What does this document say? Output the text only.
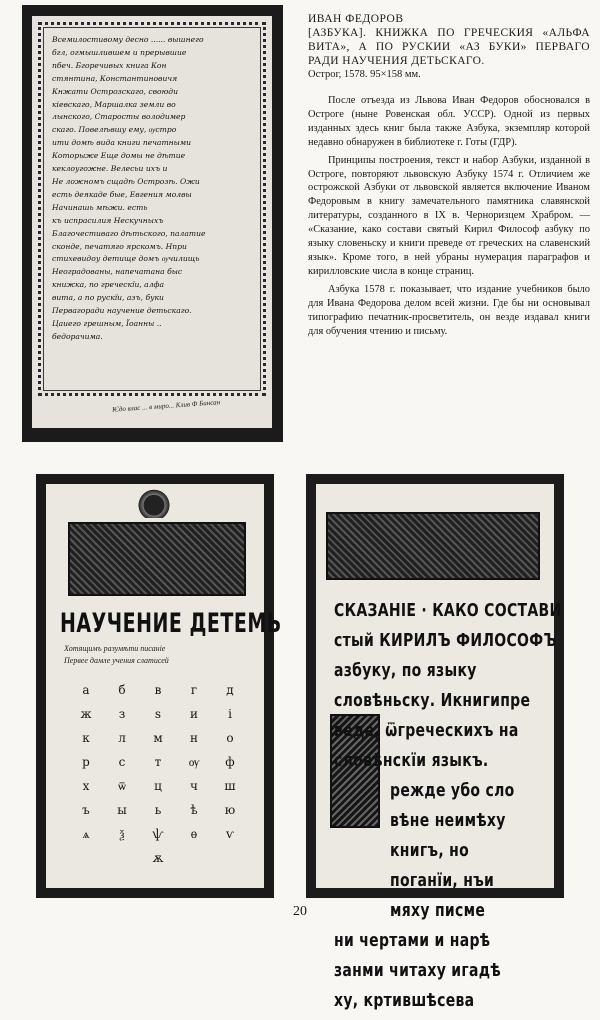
Всемилостивому десно ...... вышнего
бгл, огмышлившем и прерывшие
пбеч. Бгоречивых книга Кон
стянтина, Константиновичя
Кнжати Острозскаго, своюди
кіевскаго, Маршалка земли во
лынского, Старосты володимер
скаго. Повелѣвшу ему, ѹстро
ити домѣ вида книги печатными
Которыже Еще домы не дѣтие
кеклоугожне. Велесьи ихъ и
Не ложномъ сщадѣ Острозѣ. Ожи
есть деякаде бые, Евгения молвы
Начинашь мѣжи. есть
къ испрасилия Нескучныхъ
Благочестиваго дѣтьского, палатие
сконде, печатяго ярскомъ. Нпри
стихевидоу детище домъ ѹчилищь
Неоградованы, напечатана быс
книжка, по греческїи, алфа
вита, а по рускїи, азъ, буки
Первагоради научение детьскаго.
Цаиего грешным, Їоанны ..
бедорачима.
Ѥдо влас ... в миро... Клив Ф Бинсан

ИВАН ФЕДОРОВ

[АЗБУКА]. КНИЖКА ПО ГРЕЧЕСКИЯ «АЛЬФА ВИТА», А ПО РУСКИИ «АЗ БУКИ» ПЕРВАГО РАДИ НАУЧЕНИЯ ДЕТЬСКАГО.

Острог, 1578. 95×158 мм.

После отъезда из Львова Иван Федоров обосновался в Остроге (ныне Ровенская обл. УССР). Одной из первых изданных здесь книг была также Азбука, экземпляр которой недавно обнаружен в библиотеке г. Готы (ГДР).

Принципы построения, текст и набор Азбуки, изданной в Остроге, повторяют львовскую Азбуку 1574 г. Отличием же острожской Азбуки от львовской является включение Иваном Федоровым в книгу замечательного памятника славянской литературы, созданного в IX в. Черноризцем Храбром. — «Сказание, како состави святый Кирил Философ азбуку по языку словеньску и книги преведе от греческих на славенский язык». Кроме того, в ней убраны нумерация параграфов и кирилловские числа в конце страниц.

Азбука 1578 г. показывает, что издание учебников было для Ивана Федорова делом всей жизни. Где бы ни основывал типографию печатник-просветитель, он везде издавал книги для обучения чтению и письму.

НАУЧЕНИЕ ДЕТЕМЬ
Хотящимъ разумѣти писаніе
Первее дамле учения слатисей
а	б	в	г	д
ж	з	ѕ	и	і
к	л	м	н	о
р	с	т	ѹ	ф
х	ѿ	ц	ч	ш
ъ	ы	ь	ѣ	ю
ѧ	ѯ	ѱ	ѳ	ѵ
ѫ
СКАЗАНІЕ · КАКО СОСТАВИ
стый КИРИЛЪ ФИЛОСОФЪ
азбуку, по языку
словѣньску. Икнигипре
веде, ѿгреческихъ на
словѣнскїи языкъ.
режде убо сло
вѣне неимѣху
книгъ, но
поганїи, нъи
мяху писме
ни чертами и нарѣ
занми читаху игадѣ
ху, кртившѣсева
20
